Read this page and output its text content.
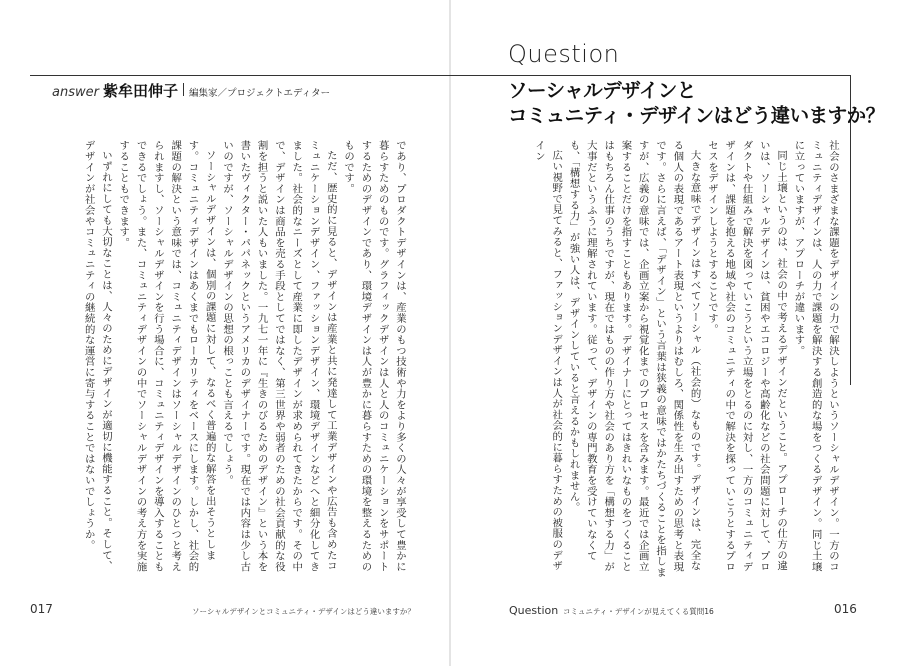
Question
answer 紫牟田伸子 編集家／プロジェクトエディター	ソーシャルデザインと
コミュニティ・デザインはどう違いますか？

社会のさまざまな課題をデザインの力で解決しようというソーシャルデザイン。一方のコミュニティデザインは、人の力で課題を解決する創造的な場をつくるデザイン。同じ土壌に立っていますが、アプローチが違います。

同じ土壌というのは、社会の中で考えるデザインだということ。アプローチの仕方の違いは、ソーシャルデザインは、貧困やエコロジーや高齢化などの社会問題に対して、プロダクトや仕組みで解決を図っていこうという立場をとるのに対し、一方のコミュニティデザインは、課題を抱える地域や社会のコミュニティの中で解決を探っていこうとするプロセスをデザインしようとすることです。

大きな意味でデザインはすべてソーシャル（社会的）なものです。デザインは、完全なる個人の表現であるアート表現というよりはむしろ、関係性を生み出すための思考と表現です。さらに言えば、「デザイン」という言葉は狭義の意味ではかたちづくることを指しますが、広義の意味では、企画立案から視覚化までのプロセスを含みます。最近では企画立案することだけを指すこともあります。デザイナーにとってはきれいなものをつくることはもちろん仕事のうちですが、現在ではものの作り方や社会のあり方を「構想する力」が大事だというふうに理解されています。従って、デザインの専門教育を受けていなくても、「構想する力」が強い人は、デザインしていると言えるかもしれません。

広い視野で見てみると、ファッションデザインは人が社会的に暮らすための被服のデザイン

であり、プロダクトデザインは、産業のもつ技術や力をより多くの人々が享受して豊かに暮らすためのものです。グラフィックデザインは人と人のコミュニケーションをサポートするためのデザインであり、環境デザインは人が豊かに暮らすための環境を整えるためのものです。

ただ、歴史的に見ると、デザインは産業と共に発達して工業デザインや広告も含めたコミュニケーションデザイン、ファッションデザイン、環境デザインなどへと細分化してきました。社会的なニーズとして産業に即したデザインが求められてきたからです。その中で、デザインは商品を売る手段としてではなく、第三世界や弱者のための社会貢献的な役割を担うと説いた人もいました。一九七一年に『生きのびるためのデザイン』という本を書いたヴィクター・パパネックというアメリカのデザイナーです。現在では内容は少し古いのですが、ソーシャルデザインの思想の根っことも言えるでしょう。

ソーシャルデザインは、個別の課題に対して、なるべく普遍的な解答を出そうとします。コミュニティデザインはあくまでもローカリティをベースにします。しかし、社会的課題の解決という意味では、コミュニティデザインはソーシャルデザインのひとつと考えられますし、ソーシャルデザインを行う場合に、コミュニティデザインを導入することもできるでしょう。また、コミュニティデザインの中でソーシャルデザインの考え方を実施することもできます。

いずれにしても大切なことは、人々のためにデザインが適切に機能すること。そして、デザインが社会やコミュニティの継続的な運営に寄与することではないでしょうか。

017	ソーシャルデザインとコミュニティ・デザインはどう違いますか？	Question コミュニティ・デザインが見えてくる質問16	016
